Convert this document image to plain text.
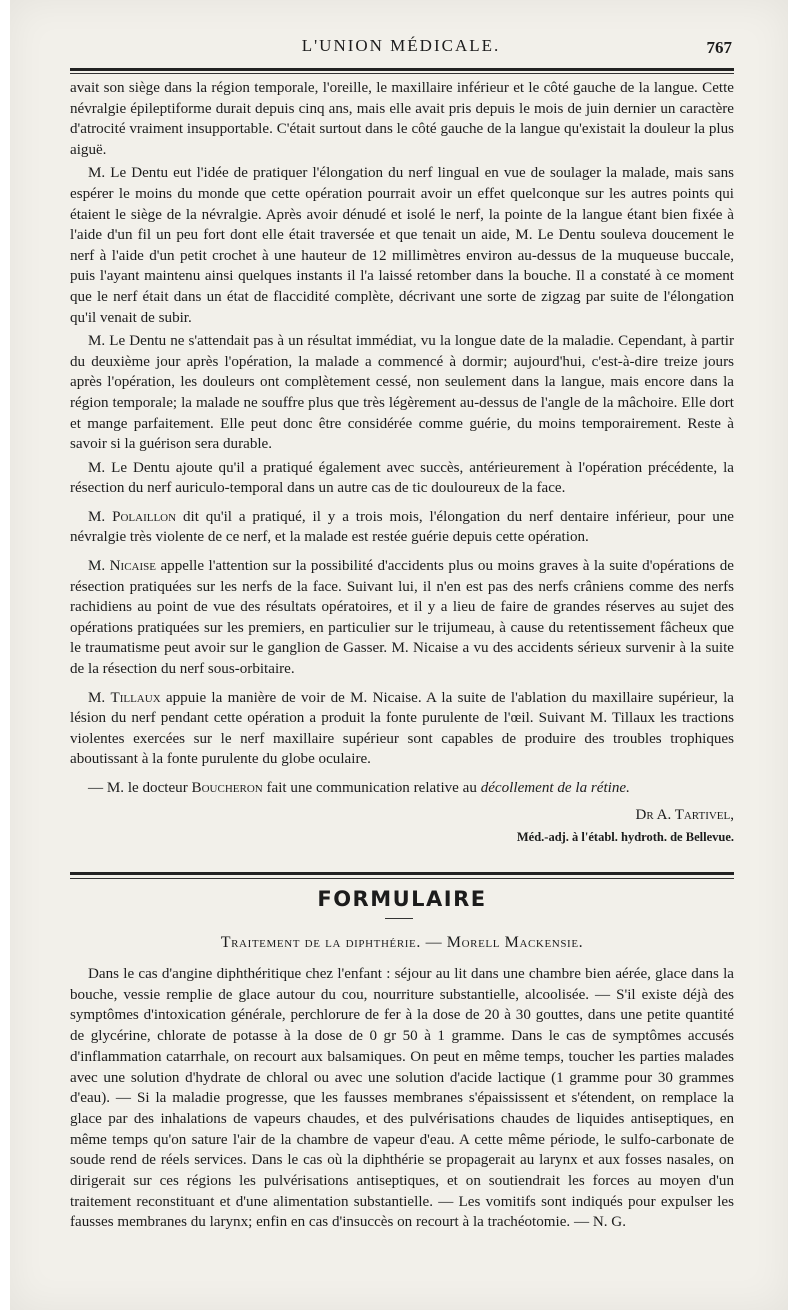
L'UNION MÉDICALE.	767

avait son siège dans la région temporale, l'oreille, le maxillaire inférieur et le côté gauche de la langue. Cette névralgie épileptiforme durait depuis cinq ans, mais elle avait pris depuis le mois de juin dernier un caractère d'atrocité vraiment insupportable. C'était surtout dans le côté gauche de la langue qu'existait la douleur la plus aiguë.

M. Le Dentu eut l'idée de pratiquer l'élongation du nerf lingual en vue de soulager la malade, mais sans espérer le moins du monde que cette opération pourrait avoir un effet quelconque sur les autres points qui étaient le siège de la névralgie. Après avoir dénudé et isolé le nerf, la pointe de la langue étant bien fixée à l'aide d'un fil un peu fort dont elle était traversée et que tenait un aide, M. Le Dentu souleva doucement le nerf à l'aide d'un petit crochet à une hauteur de 12 millimètres environ au-dessus de la muqueuse buccale, puis l'ayant maintenu ainsi quelques instants il l'a laissé retomber dans la bouche. Il a constaté à ce moment que le nerf était dans un état de flaccidité complète, décrivant une sorte de zigzag par suite de l'élongation qu'il venait de subir.

M. Le Dentu ne s'attendait pas à un résultat immédiat, vu la longue date de la maladie. Cependant, à partir du deuxième jour après l'opération, la malade a commencé à dormir; aujourd'hui, c'est-à-dire treize jours après l'opération, les douleurs ont complètement cessé, non seulement dans la langue, mais encore dans la région temporale; la malade ne souffre plus que très légèrement au-dessus de l'angle de la mâchoire. Elle dort et mange parfaitement. Elle peut donc être considérée comme guérie, du moins temporairement. Reste à savoir si la guérison sera durable.

M. Le Dentu ajoute qu'il a pratiqué également avec succès, antérieurement à l'opération précédente, la résection du nerf auriculo-temporal dans un autre cas de tic douloureux de la face.

M. Polaillon dit qu'il a pratiqué, il y a trois mois, l'élongation du nerf dentaire inférieur, pour une névralgie très violente de ce nerf, et la malade est restée guérie depuis cette opération.

M. Nicaise appelle l'attention sur la possibilité d'accidents plus ou moins graves à la suite d'opérations de résection pratiquées sur les nerfs de la face. Suivant lui, il n'en est pas des nerfs crâniens comme des nerfs rachidiens au point de vue des résultats opératoires, et il y a lieu de faire de grandes réserves au sujet des opérations pratiquées sur les premiers, en particulier sur le trijumeau, à cause du retentissement fâcheux que le traumatisme peut avoir sur le ganglion de Gasser. M. Nicaise a vu des accidents sérieux survenir à la suite de la résection du nerf sous-orbitaire.

M. Tillaux appuie la manière de voir de M. Nicaise. A la suite de l'ablation du maxillaire supérieur, la lésion du nerf pendant cette opération a produit la fonte purulente de l'œil. Suivant M. Tillaux les tractions violentes exercées sur le nerf maxillaire supérieur sont capables de produire des troubles trophiques aboutissant à la fonte purulente du globe oculaire.

— M. le docteur Boucheron fait une communication relative au décollement de la rétine.

Dr A. Tartivel,
Méd.-adj. à l'établ. hydroth. de Bellevue.
FORMULAIRE
Traitement de la diphthérie. — Morell Mackensie.

Dans le cas d'angine diphthéritique chez l'enfant : séjour au lit dans une chambre bien aérée, glace dans la bouche, vessie remplie de glace autour du cou, nourriture substantielle, alcoolisée. — S'il existe déjà des symptômes d'intoxication générale, perchlorure de fer à la dose de 20 à 30 gouttes, dans une petite quantité de glycérine, chlorate de potasse à la dose de 0 gr 50 à 1 gramme. Dans le cas de symptômes accusés d'inflammation catarrhale, on recourt aux balsamiques. On peut en même temps, toucher les parties malades avec une solution d'hydrate de chloral ou avec une solution d'acide lactique (1 gramme pour 30 grammes d'eau). — Si la maladie progresse, que les fausses membranes s'épaississent et s'étendent, on remplace la glace par des inhalations de vapeurs chaudes, et des pulvérisations chaudes de liquides antiseptiques, en même temps qu'on sature l'air de la chambre de vapeur d'eau. A cette même période, le sulfo-carbonate de soude rend de réels services. Dans le cas où la diphthérie se propagerait au larynx et aux fosses nasales, on dirigerait sur ces régions les pulvérisations antiseptiques, et on soutiendrait les forces au moyen d'un traitement reconstituant et d'une alimentation substantielle. — Les vomitifs sont indiqués pour expulser les fausses membranes du larynx; enfin en cas d'insuccès on recourt à la trachéotomie. — N. G.
